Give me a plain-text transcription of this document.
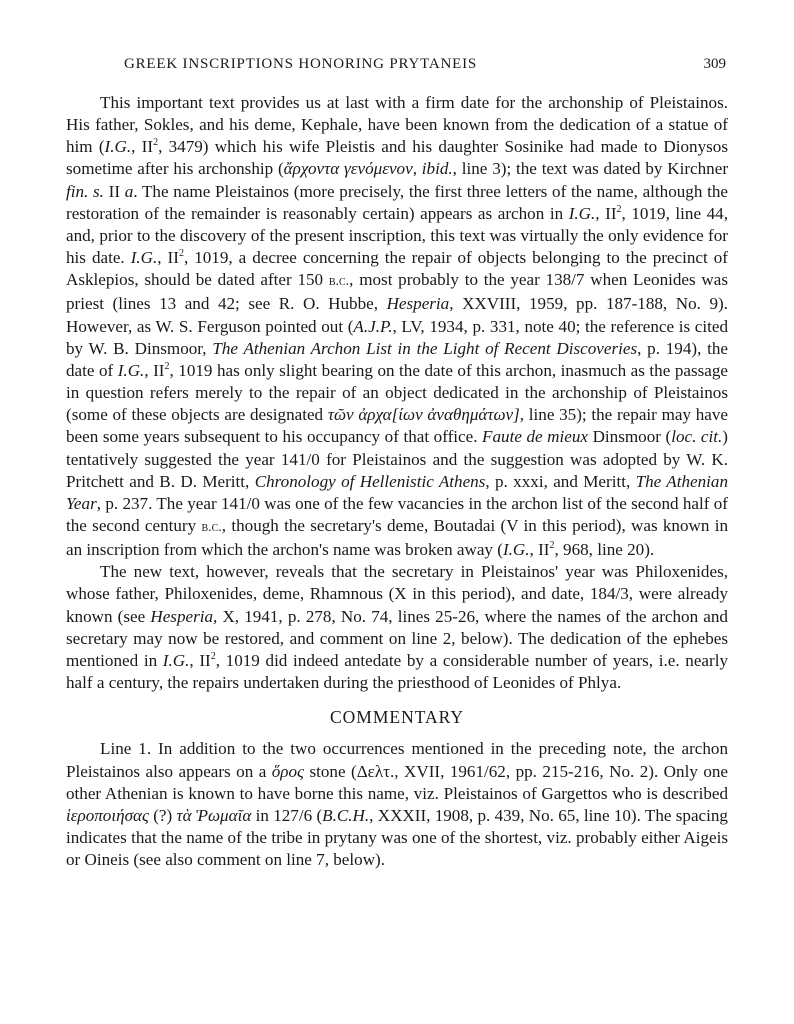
GREEK INSCRIPTIONS HONORING PRYTANEIS	309

This important text provides us at last with a firm date for the archonship of Pleistainos. His father, Sokles, and his deme, Kephale, have been known from the dedication of a statue of him (I.G., $II^2$, 3479) which his wife Pleistis and his daughter Sosinike had made to Dionysos sometime after his archonship (ἄρχοντα γενόμενον, ibid., line 3); the text was dated by Kirchner fin. s. II a. The name Pleistainos (more precisely, the first three letters of the name, although the restoration of the remainder is reasonably certain) appears as archon in I.G., $II^2$, 1019, line 44, and, prior to the discovery of the present inscription, this text was virtually the only evidence for his date. I.G., $II^2$, 1019, a decree concerning the repair of objects belonging to the precinct of Asklepios, should be dated after 150 b.c., most probably to the year 138/7 when Leonides was priest (lines 13 and 42; see R. O. Hubbe, Hesperia, XXVIII, 1959, pp. 187-188, No. 9). However, as W. S. Ferguson pointed out (A.J.P., LV, 1934, p. 331, note 40; the reference is cited by W. B. Dinsmoor, The Athenian Archon List in the Light of Recent Discoveries, p. 194), the date of I.G., $II^2$, 1019 has only slight bearing on the date of this archon, inasmuch as the passage in question refers merely to the repair of an object dedicated in the archonship of Pleistainos (some of these objects are designated τῶν ἀρχα[ίων ἀναθημάτων], line 35); the repair may have been some years subsequent to his occupancy of that office. Faute de mieux Dinsmoor (loc. cit.) tentatively suggested the year 141/0 for Pleistainos and the suggestion was adopted by W. K. Pritchett and B. D. Meritt, Chronology of Hellenistic Athens, p. xxxi, and Meritt, The Athenian Year, p. 237. The year 141/0 was one of the few vacancies in the archon list of the second half of the second century b.c., though the secretary's deme, Boutadai (V in this period), was known in an inscription from which the archon's name was broken away (I.G., $II^2$, 968, line 20).

The new text, however, reveals that the secretary in Pleistainos' year was Philoxenides, whose father, Philoxenides, deme, Rhamnous (X in this period), and date, 184/3, were already known (see Hesperia, X, 1941, p. 278, No. 74, lines 25-26, where the names of the archon and secretary may now be restored, and comment on line 2, below). The dedication of the ephebes mentioned in I.G., $II^2$, 1019 did indeed antedate by a considerable number of years, i.e. nearly half a century, the repairs undertaken during the priesthood of Leonides of Phlya.

COMMENTARY

Line 1. In addition to the two occurrences mentioned in the preceding note, the archon Pleistainos also appears on a ὅρος stone (Δελτ., XVII, 1961/62, pp. 215-216, No. 2). Only one other Athenian is known to have borne this name, viz. Pleistainos of Gargettos who is described ἱεροποιήσας (?) τὰ Ῥωμαῖα in 127/6 (B.C.H., XXXII, 1908, p. 439, No. 65, line 10). The spacing indicates that the name of the tribe in prytany was one of the shortest, viz. probably either Aigeis or Oineis (see also comment on line 7, below).
